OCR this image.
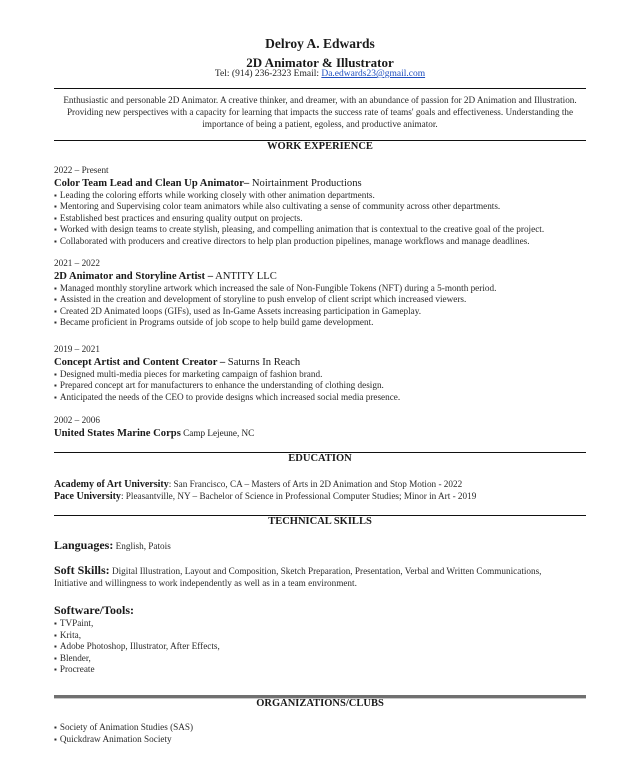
Delroy A. Edwards
2D Animator & Illustrator
Tel: (914) 236-2323 Email: Da.edwards23@gmail.com
Enthusiastic and personable 2D Animator. A creative thinker, and dreamer, with an abundance of passion for 2D Animation and Illustration. Providing new perspectives with a capacity for learning that impacts the success rate of teams' goals and effectiveness. Understanding the importance of being a patient, egoless, and productive animator.
WORK EXPERIENCE
2022 – Present
Color Team Lead and Clean Up Animator– Noirtainment Productions
▪ Leading the coloring efforts while working closely with other animation departments.
▪ Mentoring and Supervising color team animators while also cultivating a sense of community across other departments.
▪ Established best practices and ensuring quality output on projects.
▪ Worked with design teams to create stylish, pleasing, and compelling animation that is contextual to the creative goal of the project.
▪ Collaborated with producers and creative directors to help plan production pipelines, manage workflows and manage deadlines.
2021 – 2022
2D Animator and Storyline Artist – ANTITY LLC
▪ Managed monthly storyline artwork which increased the sale of Non-Fungible Tokens (NFT) during a 5-month period.
▪ Assisted in the creation and development of storyline to push envelop of client script which increased viewers.
▪ Created 2D Animated loops (GIFs), used as In-Game Assets increasing participation in Gameplay.
▪ Became proficient in Programs outside of job scope to help build game development.
2019 – 2021
Concept Artist and Content Creator – Saturns In Reach
▪ Designed multi-media pieces for marketing campaign of fashion brand.
▪ Prepared concept art for manufacturers to enhance the understanding of clothing design.
▪ Anticipated the needs of the CEO to provide designs which increased social media presence.
2002 – 2006
United States Marine Corps Camp Lejeune, NC
EDUCATION
Academy of Art University: San Francisco, CA – Masters of Arts in 2D Animation and Stop Motion - 2022
Pace University: Pleasantville, NY – Bachelor of Science in Professional Computer Studies; Minor in Art - 2019
TECHNICAL SKILLS
Languages: English, Patois
Soft Skills: Digital Illustration, Layout and Composition, Sketch Preparation, Presentation, Verbal and Written Communications, Initiative and willingness to work independently as well as in a team environment.
Software/Tools:
▪ TVPaint,
▪ Krita,
▪ Adobe Photoshop, Illustrator, After Effects,
▪ Blender,
▪ Procreate
ORGANIZATIONS/CLUBS
▪ Society of Animation Studies (SAS)
▪ Quickdraw Animation Society
